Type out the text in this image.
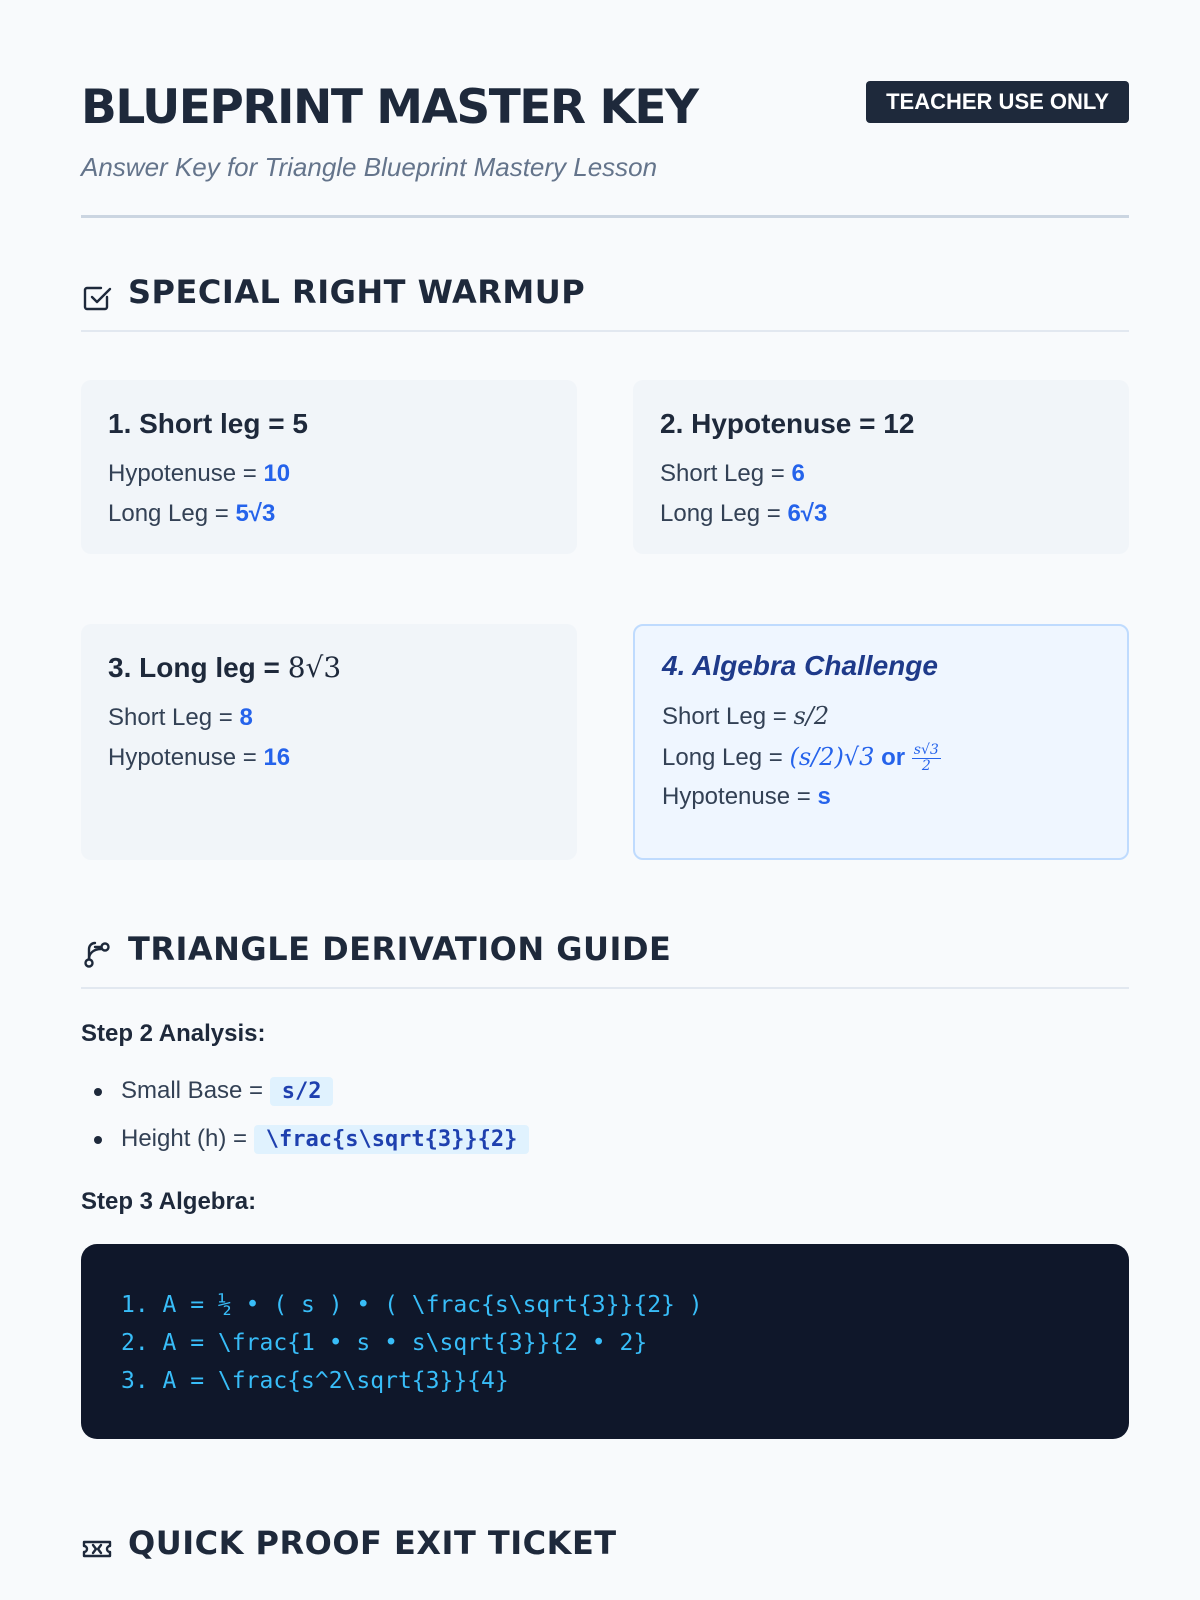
BLUEPRINT MASTER KEY
Answer Key for Triangle Blueprint Mastery Lesson
TEACHER USE ONLY
SPECIAL RIGHT WARMUP
1. Short leg = 5
Hypotenuse = 10
Long Leg = 5√3
2. Hypotenuse = 12
Short Leg = 6
Long Leg = 6√3
3. Long leg = 8√3
Short Leg = 8
Hypotenuse = 16
4. Algebra Challenge
Short Leg = s/2
Long Leg = (s/2)√3 or $\frac{s√3}{2}$
Hypotenuse = s
TRIANGLE DERIVATION GUIDE
Step 2 Analysis:
Small Base = s/2
Height (h) = \frac{s\sqrt{3}}{2}
Step 3 Algebra:
1. A = ½ • ( s ) • ( \frac{s\sqrt{3}}{2} )
2. A = \frac{1 • s • s\sqrt{3}}{2 • 2}
3. A = \frac{s^2\sqrt{3}}{4}
QUICK PROOF EXIT TICKET
